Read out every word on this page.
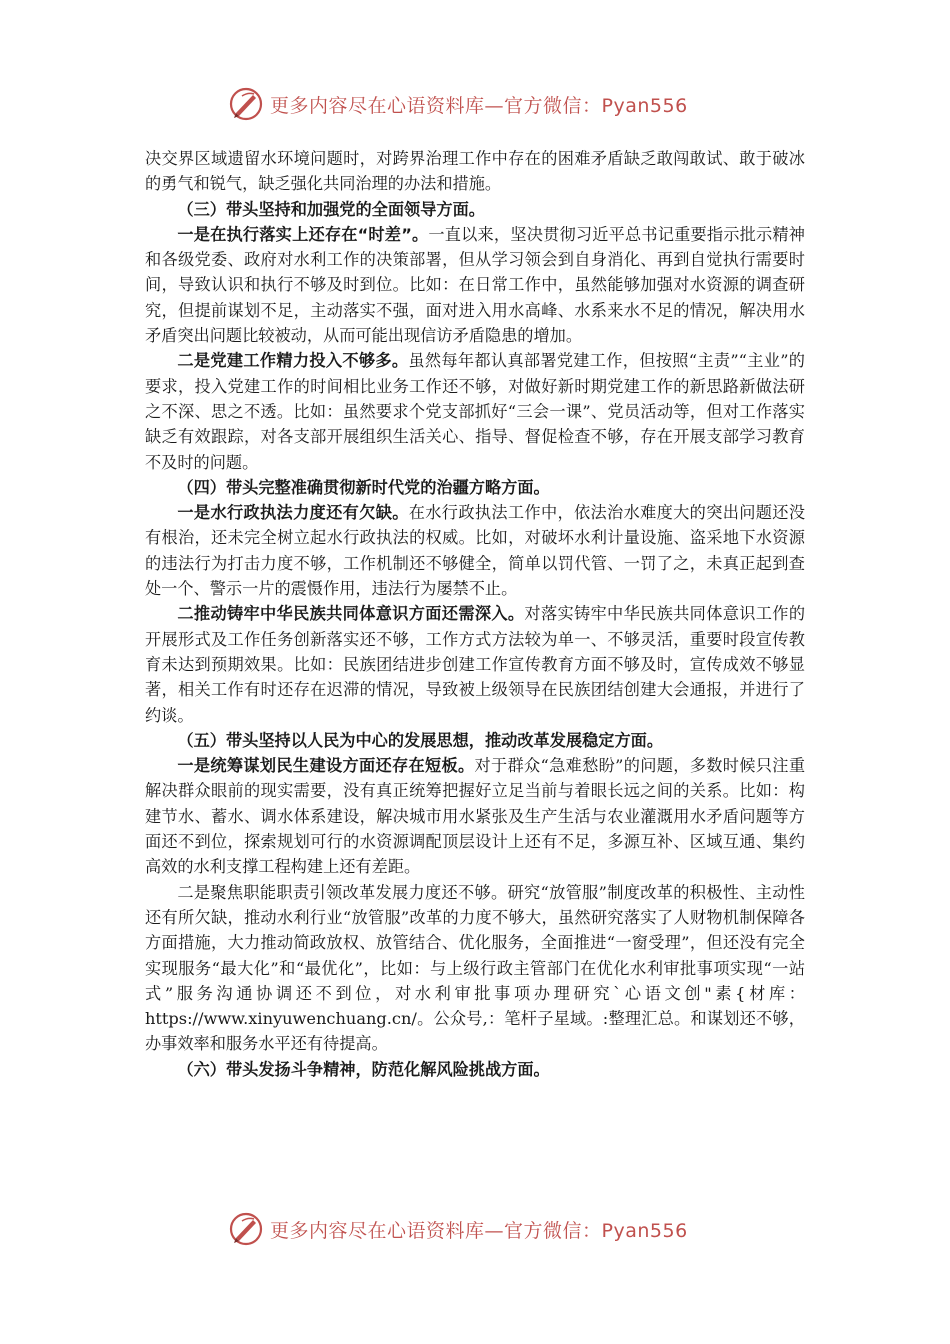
更多内容尽在心语资料库—官方微信：Pyan556

决交界区域遗留水环境问题时，对跨界治理工作中存在的困难矛盾缺乏敢闯敢试、敢于破冰的勇气和锐气，缺乏强化共同治理的办法和措施。

（三）带头坚持和加强党的全面领导方面。

一是在执行落实上还存在“时差”。一直以来，坚决贯彻习近平总书记重要指示批示精神和各级党委、政府对水利工作的决策部署，但从学习领会到自身消化、再到自觉执行需要时间，导致认识和执行不够及时到位。比如：在日常工作中，虽然能够加强对水资源的调查研究，但提前谋划不足，主动落实不强，面对进入用水高峰、水系来水不足的情况，解决用水矛盾突出问题比较被动，从而可能出现信访矛盾隐患的增加。

二是党建工作精力投入不够多。虽然每年都认真部署党建工作，但按照“主责”“主业”的要求，投入党建工作的时间相比业务工作还不够，对做好新时期党建工作的新思路新做法研之不深、思之不透。比如：虽然要求个党支部抓好“三会一课”、党员活动等，但对工作落实缺乏有效跟踪，对各支部开展组织生活关心、指导、督促检查不够，存在开展支部学习教育不及时的问题。

（四）带头完整准确贯彻新时代党的治疆方略方面。

一是水行政执法力度还有欠缺。在水行政执法工作中，依法治水难度大的突出问题还没有根治，还未完全树立起水行政执法的权威。比如，对破坏水利计量设施、盗采地下水资源的违法行为打击力度不够，工作机制还不够健全，简单以罚代管、一罚了之，未真正起到查处一个、警示一片的震慑作用，违法行为屡禁不止。

二推动铸牢中华民族共同体意识方面还需深入。对落实铸牢中华民族共同体意识工作的开展形式及工作任务创新落实还不够，工作方式方法较为单一、不够灵活，重要时段宣传教育未达到预期效果。比如：民族团结进步创建工作宣传教育方面不够及时，宣传成效不够显著，相关工作有时还存在迟滞的情况，导致被上级领导在民族团结创建大会通报，并进行了约谈。

（五）带头坚持以人民为中心的发展思想，推动改革发展稳定方面。

一是统筹谋划民生建设方面还存在短板。对于群众“急难愁盼”的问题，多数时候只注重解决群众眼前的现实需要，没有真正统筹把握好立足当前与着眼长远之间的关系。比如：构建节水、蓄水、调水体系建设，解决城市用水紧张及生产生活与农业灌溉用水矛盾问题等方面还不到位，探索规划可行的水资源调配顶层设计上还有不足，多源互补、区域互通、集约高效的水利支撑工程构建上还有差距。

二是聚焦职能职责引领改革发展力度还不够。研究“放管服”制度改革的积极性、主动性还有所欠缺，推动水利行业“放管服”改革的力度不够大，虽然研究落实了人财物机制保障各方面措施，大力推动简政放权、放管结合、优化服务，全面推进“一窗受理”，但还没有完全实现服务“最大化”和“最优化”，比如：与上级行政主管部门在优化水利审批事项实现“一站式”服务沟通协调还不到位，对水利审批事项办理研究`心语文创"素{材库：https://www.xinyuwenchuang.cn/。公众号,：笔杆子星域。:整理汇总。和谋划还不够，办事效率和服务水平还有待提高。

（六）带头发扬斗争精神，防范化解风险挑战方面。

更多内容尽在心语资料库—官方微信：Pyan556
